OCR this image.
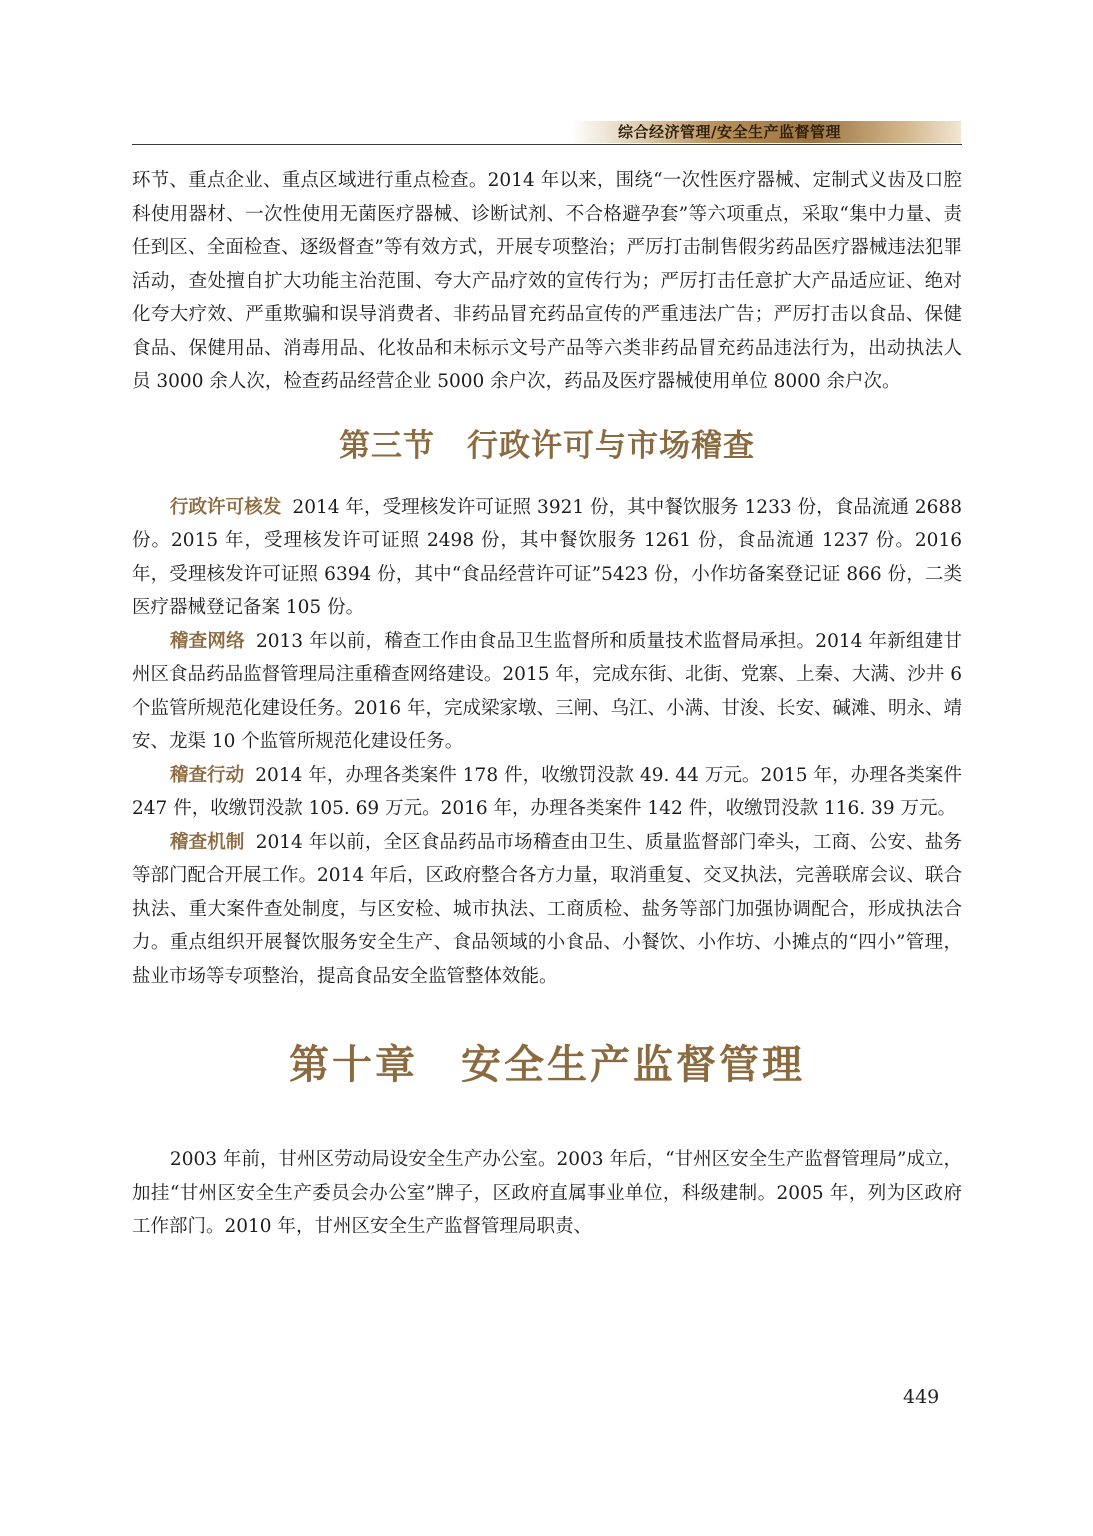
综合经济管理/安全生产监督管理

环节、重点企业、重点区域进行重点检查。2014 年以来，围绕“一次性医疗器械、定制式义齿及口腔科使用器材、一次性使用无菌医疗器械、诊断试剂、不合格避孕套”等六项重点，采取“集中力量、责任到区、全面检查、逐级督查”等有效方式，开展专项整治；严厉打击制售假劣药品医疗器械违法犯罪活动，查处擅自扩大功能主治范围、夸大产品疗效的宣传行为；严厉打击任意扩大产品适应证、绝对化夸大疗效、严重欺骗和误导消费者、非药品冒充药品宣传的严重违法广告；严厉打击以食品、保健食品、保健用品、消毒用品、化妆品和未标示文号产品等六类非药品冒充药品违法行为，出动执法人员 3000 余人次，检查药品经营企业 5000 余户次，药品及医疗器械使用单位 8000 余户次。

第三节　行政许可与市场稽查

行政许可核发 2014 年，受理核发许可证照 3921 份，其中餐饮服务 1233 份，食品流通 2688 份。2015 年，受理核发许可证照 2498 份，其中餐饮服务 1261 份，食品流通 1237 份。2016 年，受理核发许可证照 6394 份，其中“食品经营许可证”5423 份，小作坊备案登记证 866 份，二类医疗器械登记备案 105 份。

稽查网络 2013 年以前，稽查工作由食品卫生监督所和质量技术监督局承担。2014 年新组建甘州区食品药品监督管理局注重稽查网络建设。2015 年，完成东街、北街、党寨、上秦、大满、沙井 6 个监管所规范化建设任务。2016 年，完成梁家墩、三闸、乌江、小满、甘浚、长安、碱滩、明永、靖安、龙渠 10 个监管所规范化建设任务。

稽查行动 2014 年，办理各类案件 178 件，收缴罚没款 49. 44 万元。2015 年，办理各类案件 247 件，收缴罚没款 105. 69 万元。2016 年，办理各类案件 142 件，收缴罚没款 116. 39 万元。

稽查机制 2014 年以前，全区食品药品市场稽查由卫生、质量监督部门牵头，工商、公安、盐务等部门配合开展工作。2014 年后，区政府整合各方力量，取消重复、交叉执法，完善联席会议、联合执法、重大案件查处制度，与区安检、城市执法、工商质检、盐务等部门加强协调配合，形成执法合力。重点组织开展餐饮服务安全生产、食品领域的小食品、小餐饮、小作坊、小摊点的“四小”管理，盐业市场等专项整治，提高食品安全监管整体效能。

第十章　安全生产监督管理

2003 年前，甘州区劳动局设安全生产办公室。2003 年后，“甘州区安全生产监督管理局”成立，加挂“甘州区安全生产委员会办公室”牌子，区政府直属事业单位，科级建制。2005 年，列为区政府工作部门。2010 年，甘州区安全生产监督管理局职责、

449
